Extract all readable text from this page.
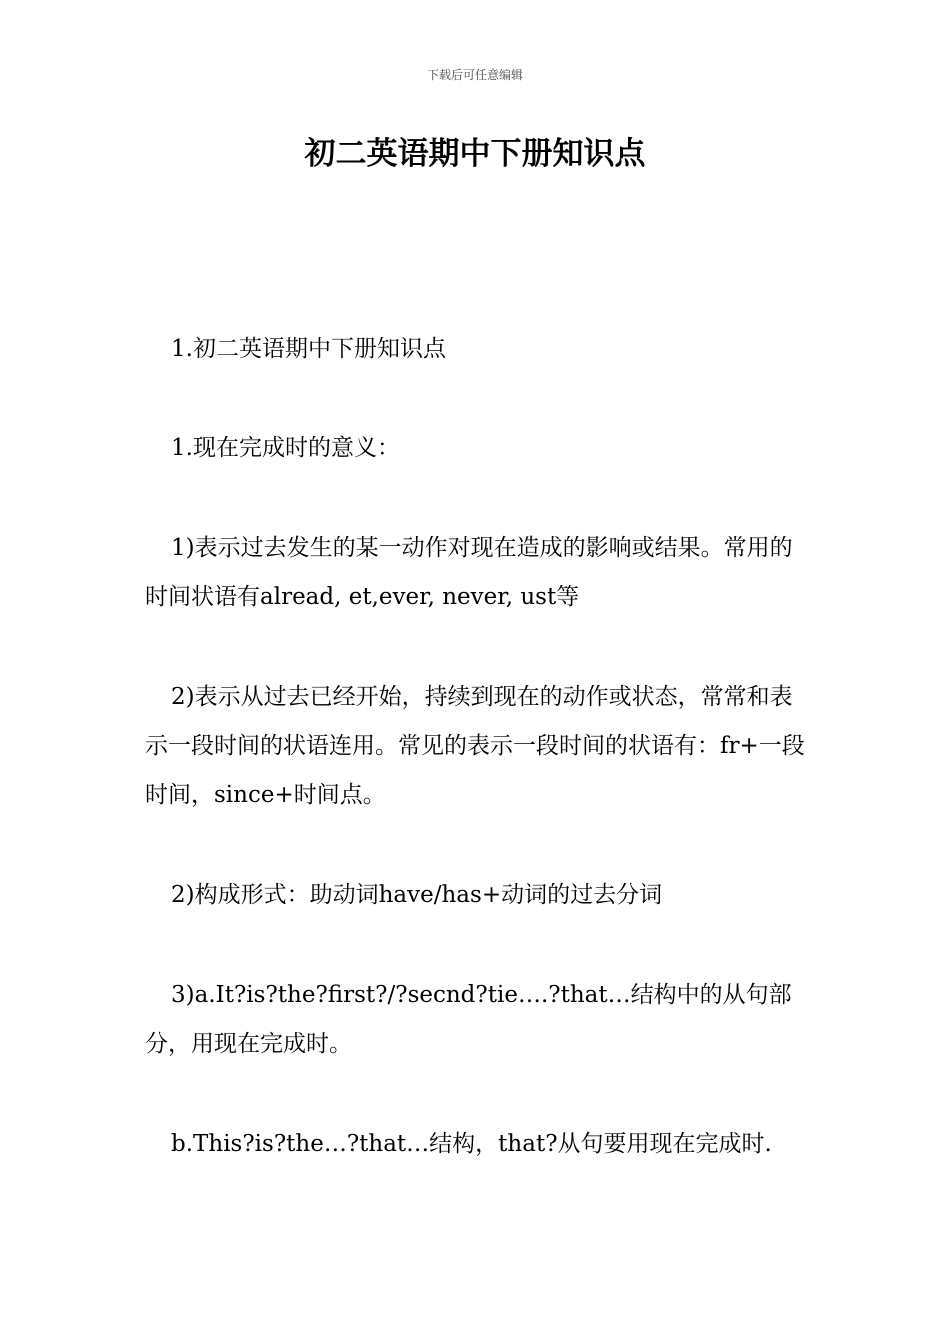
下载后可任意编辑
初二英语期中下册知识点

1.初二英语期中下册知识点

1.现在完成时的意义：

1)表示过去发生的某一动作对现在造成的影响或结果。常用的时间状语有alread, et,ever, never, ust等

2)表示从过去已经开始，持续到现在的动作或状态，常常和表示一段时间的状语连用。常见的表示一段时间的状语有：fr+一段时间，since+时间点。

2)构成形式：助动词have/has+动词的过去分词

3)a.It?is?the?first?/?secnd?tie….?that…结构中的从句部分，用现在完成时。

b.This?is?the…?that…结构，that?从句要用现在完成时.
